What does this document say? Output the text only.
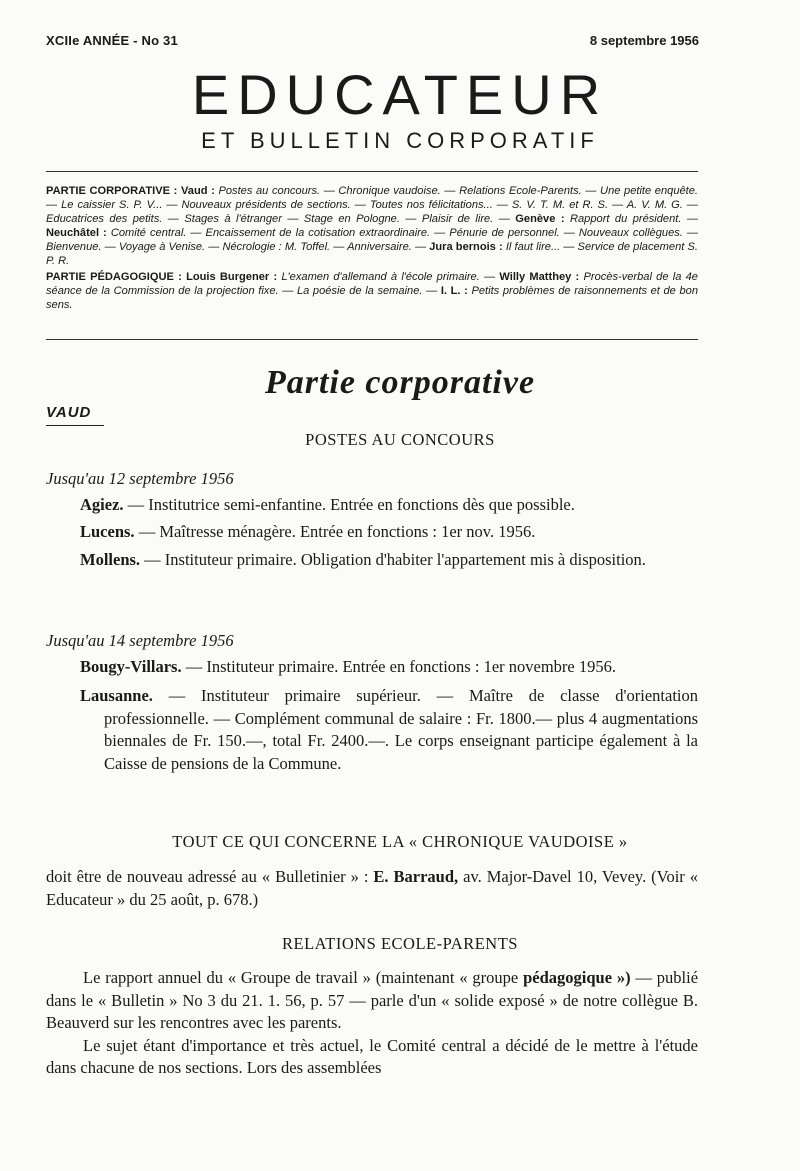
XCIIe ANNÉE - No 31	8 septembre 1956
EDUCATEUR
ET BULLETIN CORPORATIF

PARTIE CORPORATIVE : Vaud : Postes au concours. — Chronique vaudoise. — Relations Ecole-Parents. — Une petite enquête. — Le caissier S. P. V... — Nouveaux présidents de sections. — Toutes nos félicitations... — S. V. T. M. et R. S. — A. V. M. G. — Educatrices des petits. — Stages à l'étranger — Stage en Pologne. — Plaisir de lire. — Genève : Rapport du président. — Neuchâtel : Comité central. — Encaissement de la cotisation extraordinaire. — Pénurie de personnel. — Nouveaux collègues. — Bienvenue. — Voyage à Venise. — Nécrologie : M. Toffel. — Anniversaire. — Jura bernois : Il faut lire... — Service de placement S. P. R.

PARTIE PÉDAGOGIQUE : Louis Burgener : L'examen d'allemand à l'école primaire. — Willy Matthey : Procès-verbal de la 4e séance de la Commission de la projection fixe. — La poésie de la semaine. — I. L. : Petits problèmes de raisonnements et de bon sens.

Partie corporative
VAUD
POSTES AU CONCOURS

Jusqu'au 12 septembre 1956

Agiez. — Institutrice semi-enfantine. Entrée en fonctions dès que possible.

Lucens. — Maîtresse ménagère. Entrée en fonctions : 1er nov. 1956.

Mollens. — Instituteur primaire. Obligation d'habiter l'appartement mis à disposition.

Jusqu'au 14 septembre 1956

Bougy-Villars. — Instituteur primaire. Entrée en fonctions : 1er novembre 1956.

Lausanne. — Instituteur primaire supérieur. — Maître de classe d'orientation professionnelle. — Complément communal de salaire : Fr. 1800.— plus 4 augmentations biennales de Fr. 150.—, total Fr. 2400.—. Le corps enseignant participe également à la Caisse de pensions de la Commune.

TOUT CE QUI CONCERNE LA « CHRONIQUE VAUDOISE »

doit être de nouveau adressé au « Bulletinier » : E. Barraud, av. Major-Davel 10, Vevey. (Voir « Educateur » du 25 août, p. 678.)

RELATIONS ECOLE-PARENTS

Le rapport annuel du « Groupe de travail » (maintenant « groupe pédagogique ») — publié dans le « Bulletin » No 3 du 21. 1. 56, p. 57 — parle d'un « solide exposé » de notre collègue B. Beauverd sur les rencontres avec les parents.

Le sujet étant d'importance et très actuel, le Comité central a décidé de le mettre à l'étude dans chacune de nos sections. Lors des assemblées
